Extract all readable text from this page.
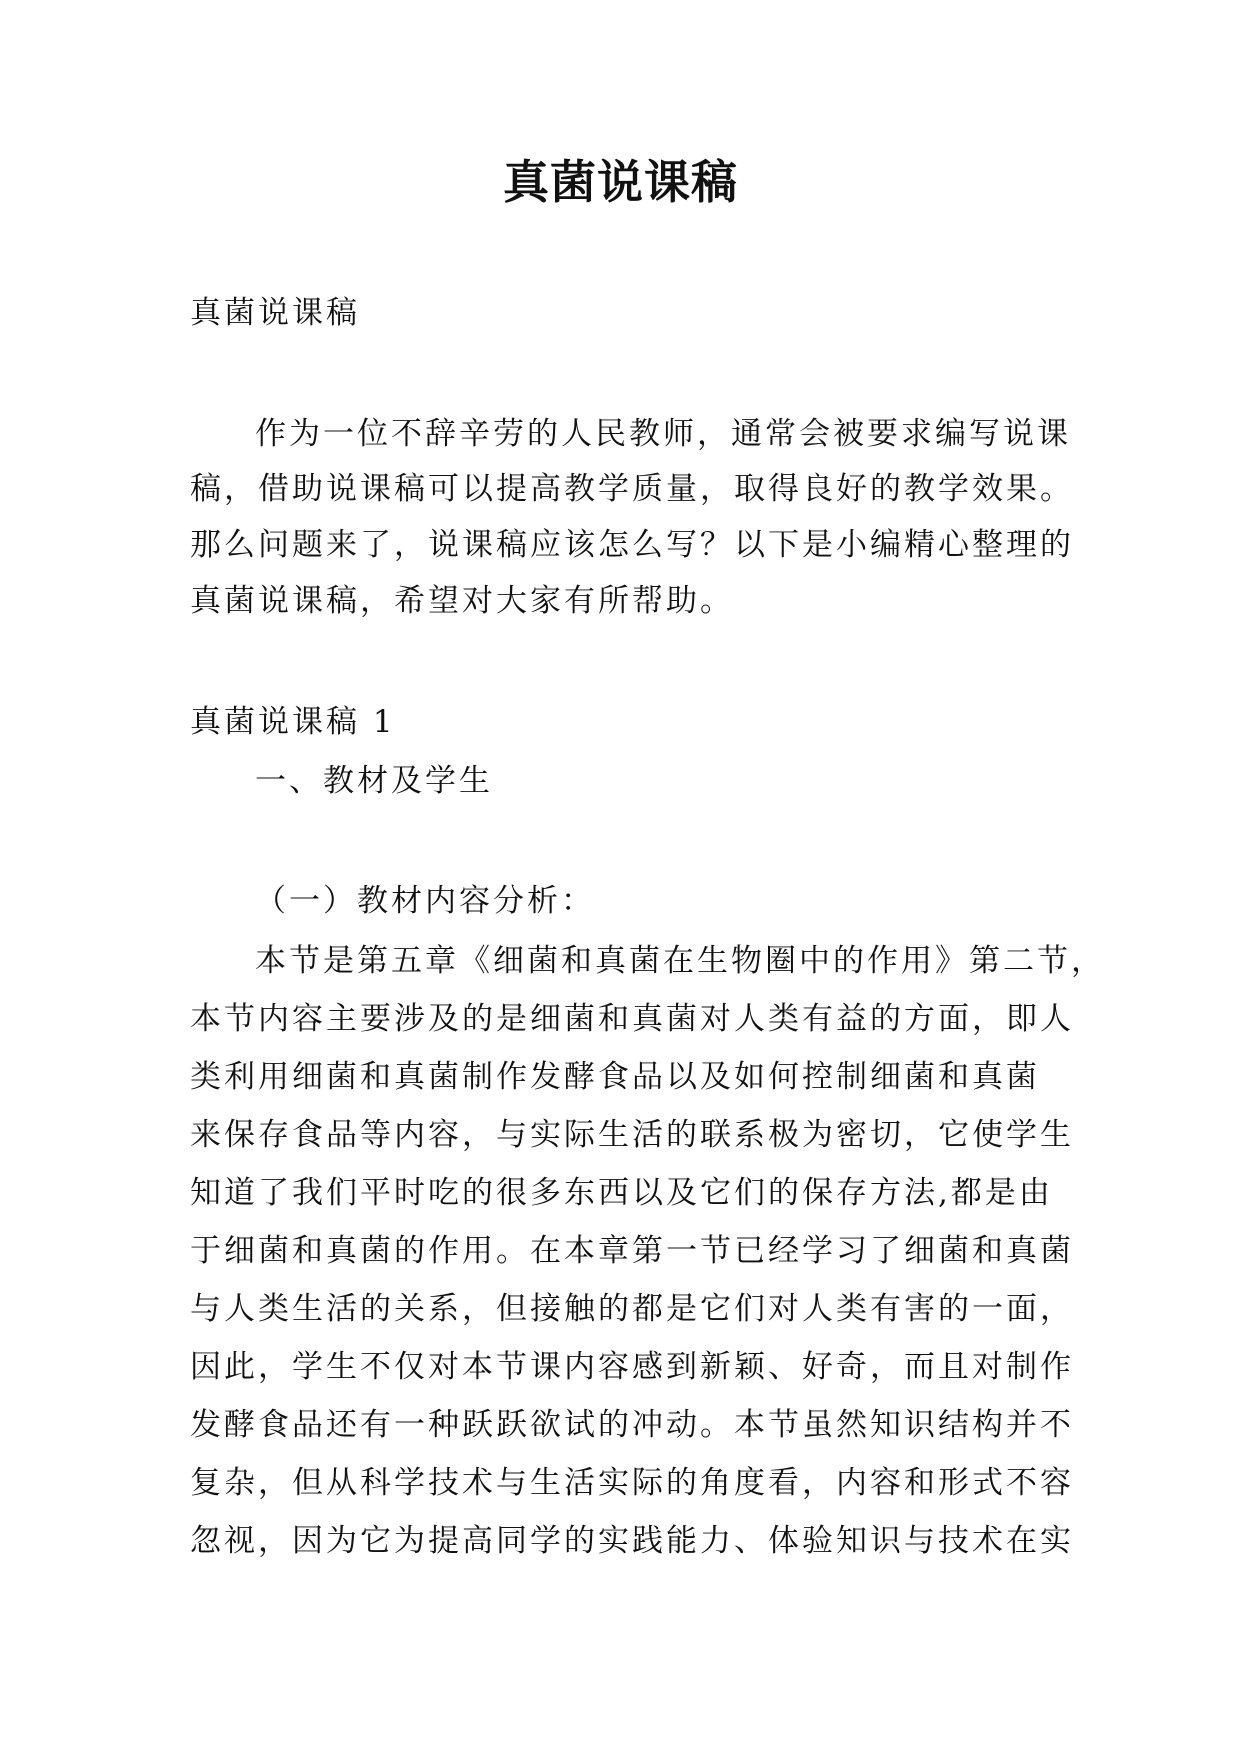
真菌说课稿
真菌说课稿
作为一位不辞辛劳的人民教师，通常会被要求编写说课
稿，借助说课稿可以提高教学质量，取得良好的教学效果。
那么问题来了，说课稿应该怎么写？以下是小编精心整理的
真菌说课稿，希望对大家有所帮助。
真菌说课稿 1
一、教材及学生
（一）教材内容分析：
本节是第五章《细菌和真菌在生物圈中的作用》第二节，
本节内容主要涉及的是细菌和真菌对人类有益的方面，即人
类利用细菌和真菌制作发酵食品以及如何控制细菌和真菌
来保存食品等内容，与实际生活的联系极为密切，它使学生
知道了我们平时吃的很多东西以及它们的保存方法,都是由
于细菌和真菌的作用。在本章第一节已经学习了细菌和真菌
与人类生活的关系，但接触的都是它们对人类有害的一面，
因此，学生不仅对本节课内容感到新颖、好奇，而且对制作
发酵食品还有一种跃跃欲试的冲动。本节虽然知识结构并不
复杂，但从科学技术与生活实际的角度看，内容和形式不容
忽视，因为它为提高同学的实践能力、体验知识与技术在实
